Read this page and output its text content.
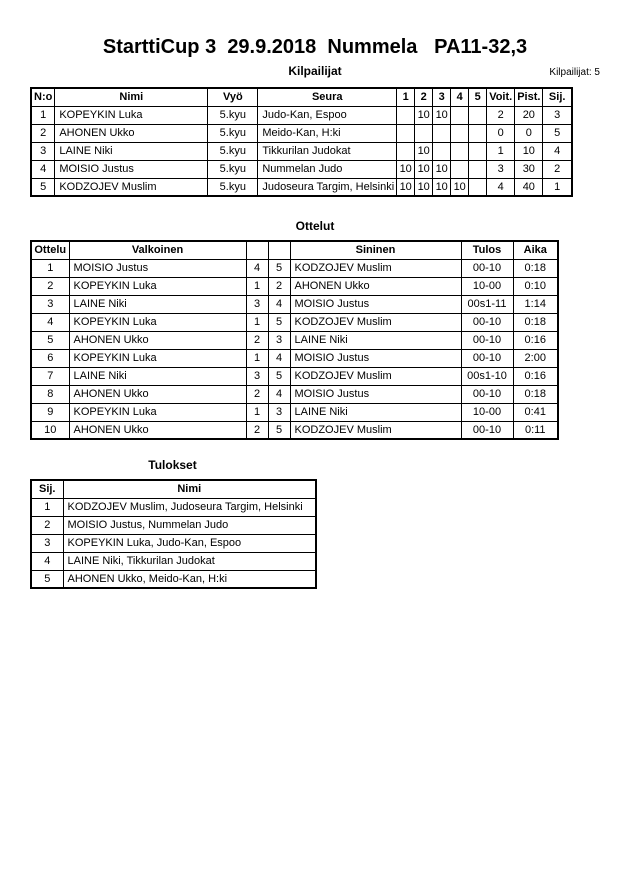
StarttiCup 3  29.9.2018  Nummela   PA11-32,3
Kilpailijat	Kilpailijat: 5
N:o	Nimi	Vyö	Seura	1	2	3	4	5	Voit.	Pist.	Sij.
1	KOPEYKIN Luka	5.kyu	Judo-Kan, Espoo		10	10			2	20	3
2	AHONEN Ukko	5.kyu	Meido-Kan, H:ki						0	0	5
3	LAINE Niki	5.kyu	Tikkurilan Judokat		10				1	10	4
4	MOISIO Justus	5.kyu	Nummelan Judo	10	10	10			3	30	2
5	KODZOJEV Muslim	5.kyu	Judoseura Targim, Helsinki	10	10	10	10		4	40	1
Ottelut
Ottelu	Valkoinen			Sininen	Tulos	Aika
1	MOISIO Justus	4	5	KODZOJEV Muslim	00-10	0:18
2	KOPEYKIN Luka	1	2	AHONEN Ukko	10-00	0:10
3	LAINE Niki	3	4	MOISIO Justus	00s1-11	1:14
4	KOPEYKIN Luka	1	5	KODZOJEV Muslim	00-10	0:18
5	AHONEN Ukko	2	3	LAINE Niki	00-10	0:16
6	KOPEYKIN Luka	1	4	MOISIO Justus	00-10	2:00
7	LAINE Niki	3	5	KODZOJEV Muslim	00s1-10	0:16
8	AHONEN Ukko	2	4	MOISIO Justus	00-10	0:18
9	KOPEYKIN Luka	1	3	LAINE Niki	10-00	0:41
10	AHONEN Ukko	2	5	KODZOJEV Muslim	00-10	0:11
Tulokset
Sij.	Nimi
1	KODZOJEV Muslim, Judoseura Targim, Helsinki
2	MOISIO Justus, Nummelan Judo
3	KOPEYKIN Luka, Judo-Kan, Espoo
4	LAINE Niki, Tikkurilan Judokat
5	AHONEN Ukko, Meido-Kan, H:ki
